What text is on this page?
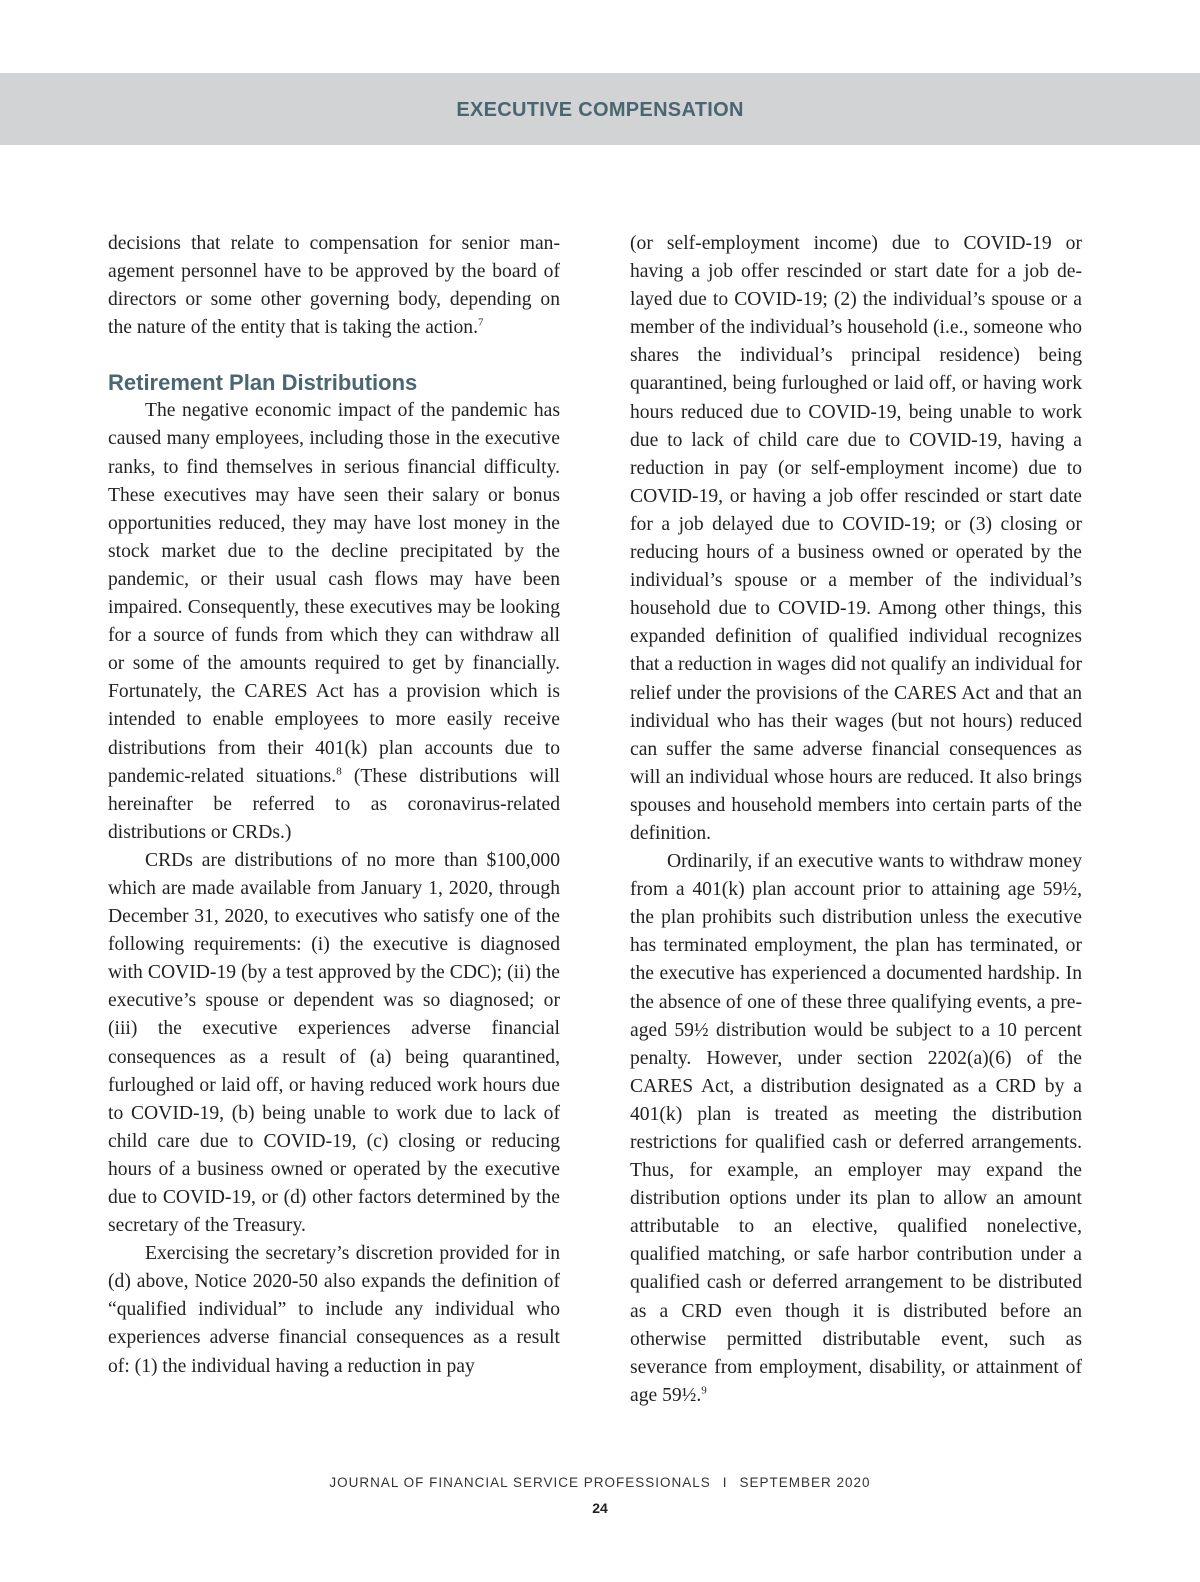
EXECUTIVE COMPENSATION

decisions that relate to compensation for senior management personnel have to be approved by the board of directors or some other governing body, depending on the nature of the entity that is taking the action.$^7$

Retirement Plan Distributions

The negative economic impact of the pandemic has caused many employees, including those in the executive ranks, to find themselves in serious financial difficulty. These executives may have seen their salary or bonus opportunities reduced, they may have lost money in the stock market due to the decline precipitated by the pandemic, or their usual cash flows may have been impaired. Consequently, these executives may be looking for a source of funds from which they can withdraw all or some of the amounts required to get by financially. Fortunately, the CARES Act has a provision which is intended to enable employees to more easily receive distributions from their 401(k) plan accounts due to pandemic-related situations.$^8$ (These distributions will hereinafter be referred to as coronavirus-related distributions or CRDs.)

CRDs are distributions of no more than $100,000 which are made available from January 1, 2020, through December 31, 2020, to executives who satisfy one of the following requirements: (i) the executive is diagnosed with COVID-19 (by a test approved by the CDC); (ii) the executive’s spouse or dependent was so diagnosed; or (iii) the executive experiences adverse financial consequences as a result of (a) being quarantined, furloughed or laid off, or having reduced work hours due to COVID-19, (b) being unable to work due to lack of child care due to COVID-19, (c) closing or reducing hours of a business owned or operated by the executive due to COVID-19, or (d) other factors determined by the secretary of the Treasury.

Exercising the secretary’s discretion provided for in (d) above, Notice 2020-50 also expands the definition of “qualified individual” to include any individual who experiences adverse financial consequences as a result of: (1) the individual having a reduction in pay

(or self-employment income) due to COVID-19 or having a job offer rescinded or start date for a job delayed due to COVID-19; (2) the individual’s spouse or a member of the individual’s household (i.e., someone who shares the individual’s principal residence) being quarantined, being furloughed or laid off, or having work hours reduced due to COVID-19, being unable to work due to lack of child care due to COVID-19, having a reduction in pay (or self-employment income) due to COVID-19, or having a job offer rescinded or start date for a job delayed due to COVID-19; or (3) closing or reducing hours of a business owned or operated by the individual’s spouse or a member of the individual’s household due to COVID-19. Among other things, this expanded definition of qualified individual recognizes that a reduction in wages did not qualify an individual for relief under the provisions of the CARES Act and that an individual who has their wages (but not hours) reduced can suffer the same adverse financial consequences as will an individual whose hours are reduced. It also brings spouses and household members into certain parts of the definition.

Ordinarily, if an executive wants to withdraw money from a 401(k) plan account prior to attaining age 59½, the plan prohibits such distribution unless the executive has terminated employment, the plan has terminated, or the executive has experienced a documented hardship. In the absence of one of these three qualifying events, a pre-aged 59½ distribution would be subject to a 10 percent penalty. However, under section 2202(a)(6) of the CARES Act, a distribution designated as a CRD by a 401(k) plan is treated as meeting the distribution restrictions for qualified cash or deferred arrangements. Thus, for example, an employer may expand the distribution options under its plan to allow an amount attributable to an elective, qualified nonelective, qualified matching, or safe harbor contribution under a qualified cash or deferred arrangement to be distributed as a CRD even though it is distributed before an otherwise permitted distributable event, such as severance from employment, disability, or attainment of age 59½.$^9$

JOURNAL OF FINANCIAL SERVICE PROFESSIONALS I SEPTEMBER 2020
24
